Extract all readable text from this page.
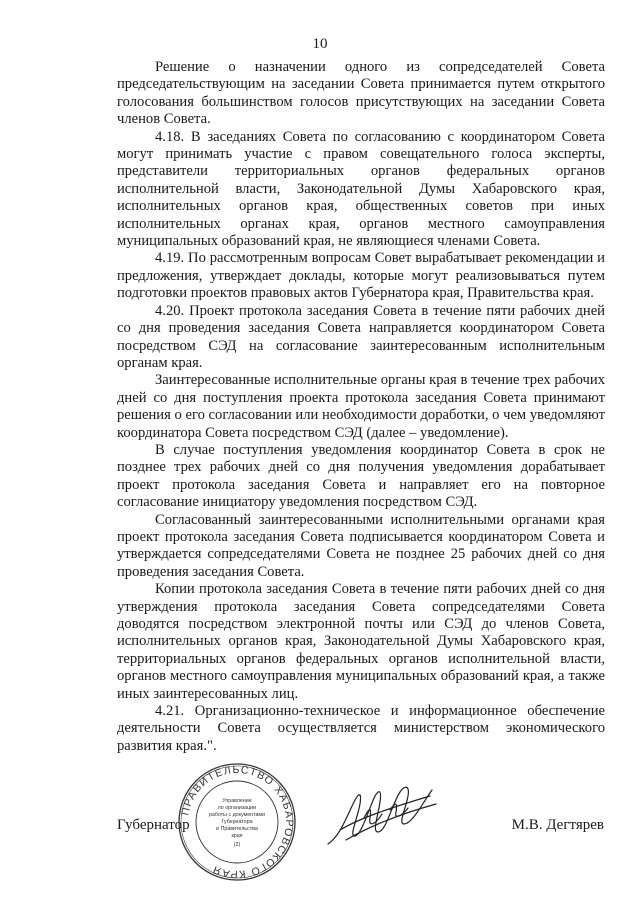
10

Решение о назначении одного из сопредседателей Совета председательствующим на заседании Совета принимается путем открытого голосования большинством голосов присутствующих на заседании Совета членов Совета.

4.18. В заседаниях Совета по согласованию с координатором Совета могут принимать участие с правом совещательного голоса эксперты, представители территориальных органов федеральных органов исполнительной власти, Законодательной Думы Хабаровского края, исполнительных органов края, общественных советов при иных исполнительных органах края, органов местного самоуправления муниципальных образований края, не являющиеся членами Совета.

4.19. По рассмотренным вопросам Совет вырабатывает рекомендации и предложения, утверждает доклады, которые могут реализовываться путем подготовки проектов правовых актов Губернатора края, Правительства края.

4.20. Проект протокола заседания Совета в течение пяти рабочих дней со дня проведения заседания Совета направляется координатором Совета посредством СЭД на согласование заинтересованным исполнительным органам края.

Заинтересованные исполнительные органы края в течение трех рабочих дней со дня поступления проекта протокола заседания Совета принимают решения о его согласовании или необходимости доработки, о чем уведомляют координатора Совета посредством СЭД (далее – уведомление).

В случае поступления уведомления координатор Совета в срок не позднее трех рабочих дней со дня получения уведомления дорабатывает проект протокола заседания Совета и направляет его на повторное согласование инициатору уведомления посредством СЭД.

Согласованный заинтересованными исполнительными органами края проект протокола заседания Совета подписывается координатором Совета и утверждается сопредседателями Совета не позднее 25 рабочих дней со дня проведения заседания Совета.

Копии протокола заседания Совета в течение пяти рабочих дней со дня утверждения протокола заседания Совета сопредседателями Совета доводятся посредством электронной почты или СЭД до членов Совета, исполнительных органов края, Законодательной Думы Хабаровского края, территориальных органов федеральных органов исполнительной власти, органов местного самоуправления муниципальных образований края, а также иных заинтересованных лиц.

4.21. Организационно-техническое и информационное обеспечение деятельности Совета осуществляется министерством экономического развития края.".

Губернатор
ПРАВИТЕЛЬСТВО ХАБАРОВСКОГО КРАЯ
Управление
по организации
работы с документами
Губернатора
и Правительства
края
(2)
М.В. Дегтярев
